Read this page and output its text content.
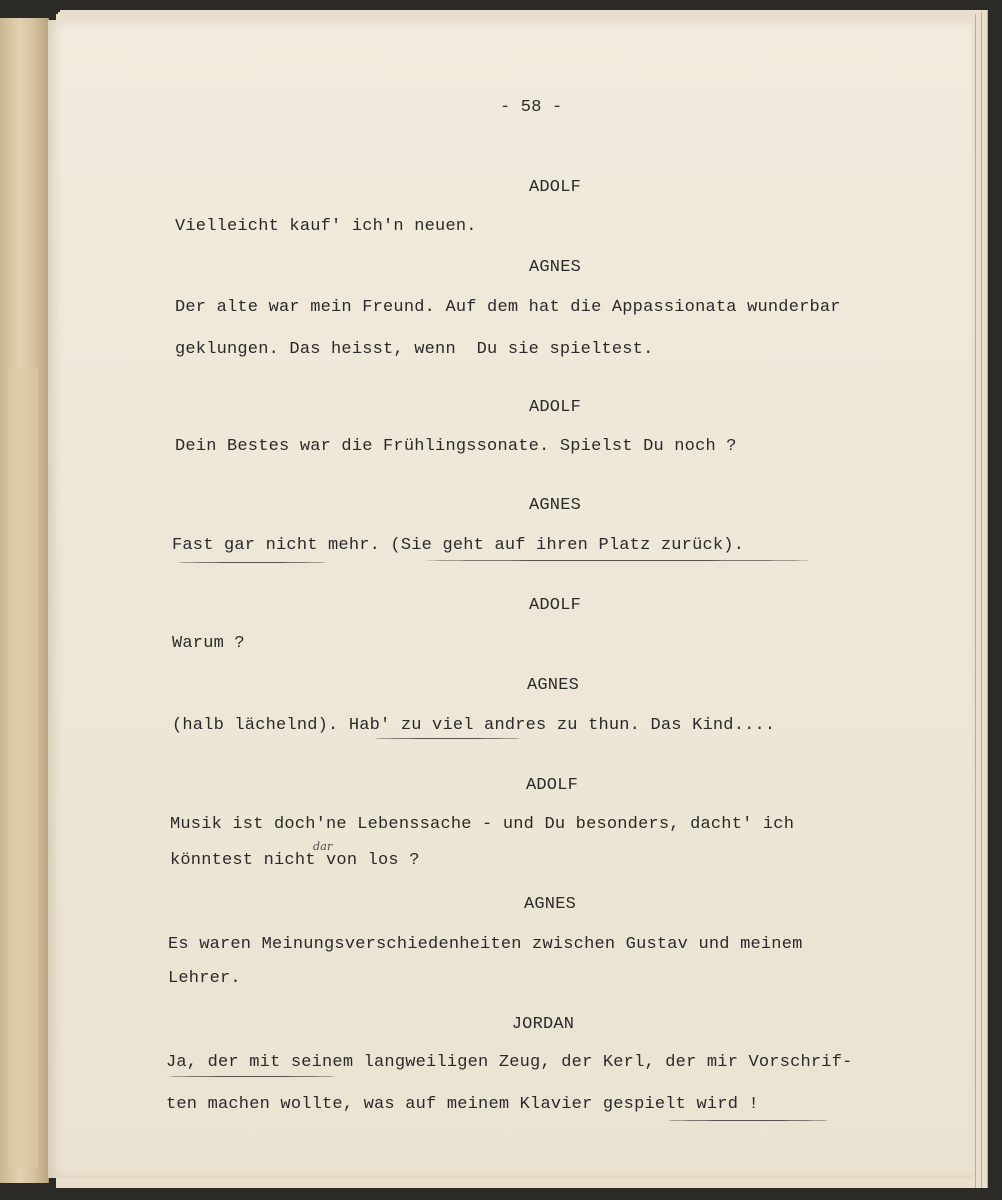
- 58 -
ADOLF
Vielleicht kauf' ich'n neuen.
AGNES
Der alte war mein Freund. Auf dem hat die Appassionata wunderbar
geklungen. Das heisst, wenn  Du sie spieltest.
ADOLF
Dein Bestes war die Frühlingssonate. Spielst Du noch ?
AGNES
Fast gar nicht mehr. (Sie geht auf ihren Platz zurück).
ADOLF
Warum ?
AGNES
(halb lächelnd). Hab' zu viel andres zu thun. Das Kind....
ADOLF
Musik ist doch'ne Lebenssache - und Du besonders, dacht' ich
könntest nicht von los ?
dar
AGNES
Es waren Meinungsverschiedenheiten zwischen Gustav und meinem
Lehrer.
JORDAN
Ja, der mit seinem langweiligen Zeug, der Kerl, der mir Vorschrif-
ten machen wollte, was auf meinem Klavier gespielt wird !
